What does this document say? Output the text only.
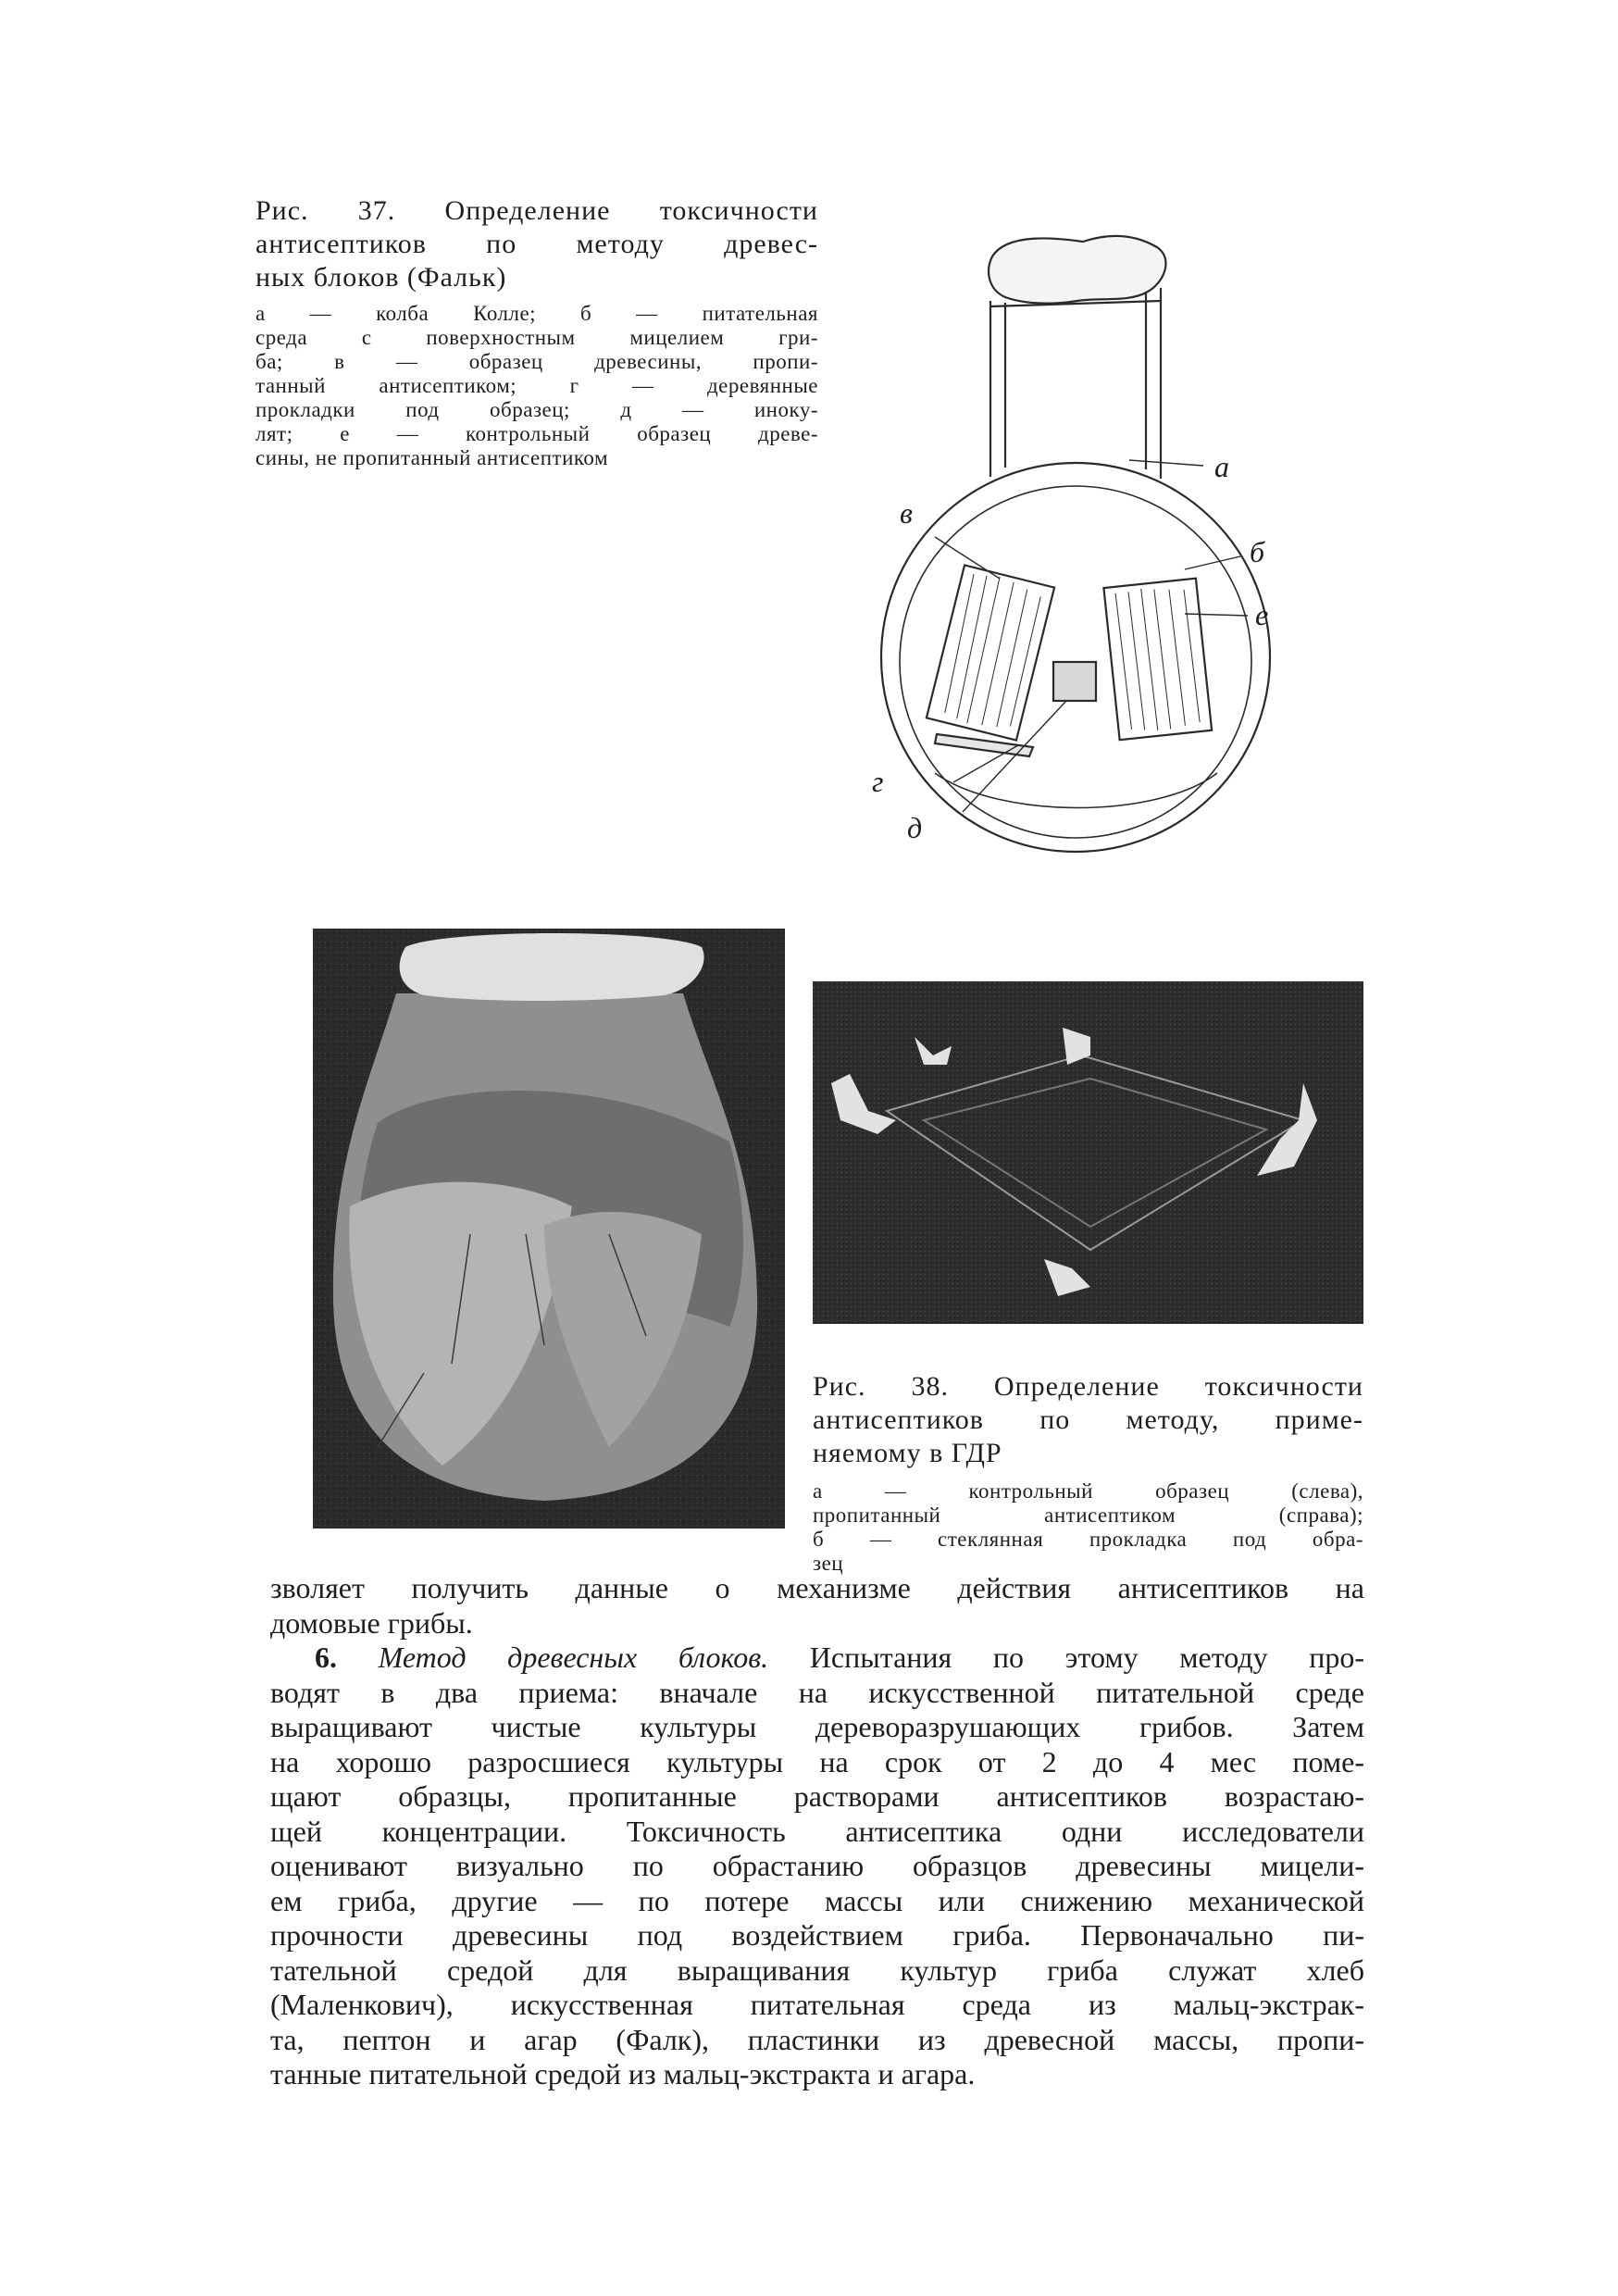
Рис. 37. Определение токсичности
антисептиков по методу древес-
ных блоков (Фальк)
а — колба Колле; б — питательная
среда с поверхностным мицелием гри-
ба; в — образец древесины, пропи-
танный антисептиком; г — деревянные
прокладки под образец; д — иноку-
лят; е — контрольный образец древе-
сины, не пропитанный антисептиком	а
в
б
е
г
д
Рис. 38. Определение токсичности
антисептиков по методу, приме-
няемому в ГДР
а — контрольный образец (слева),
пропитанный антисептиком (справа);
б — стеклянная прокладка под обра-
зец

зволяет получить данные о механизме действия антисептиков на
домовые грибы.

6. Метод древесных блоков. Испытания по этому методу про-
водят в два приема: вначале на искусственной питательной среде
выращивают чистые культуры дереворазрушающих грибов. Затем
на хорошо разросшиеся культуры на срок от 2 до 4 мес поме-
щают образцы, пропитанные растворами антисептиков возрастаю-
щей концентрации. Токсичность антисептика одни исследователи
оценивают визуально по обрастанию образцов древесины мицели-
ем гриба, другие — по потере массы или снижению механической
прочности древесины под воздействием гриба. Первоначально пи-
тательной средой для выращивания культур гриба служат хлеб
(Маленкович), искусственная питательная среда из мальц-экстрак-
та, пептон и агар (Фалк), пластинки из древесной массы, пропи-
танные питательной средой из мальц-экстракта и агара.
